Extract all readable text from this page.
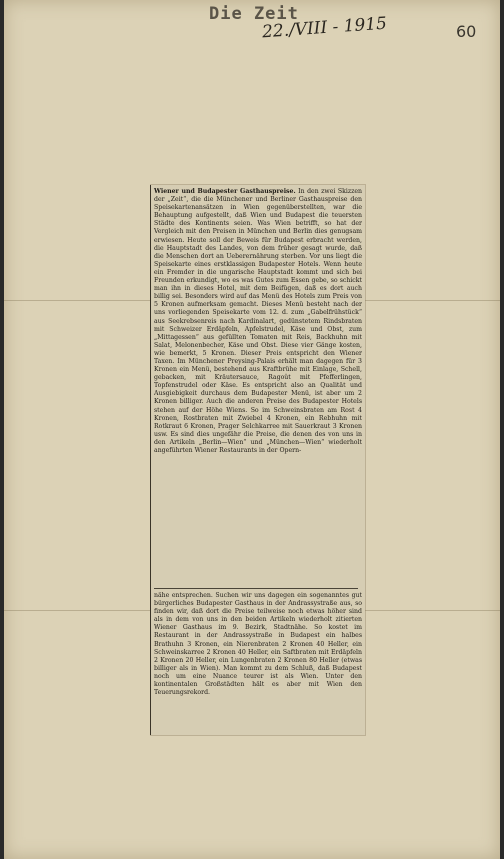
Die Zeit
22./VIII - 1915	60

Wiener und Budapester Gasthauspreise. In den zwei Skizzen der „Zeit“, die die Münchener und Berliner Gasthauspreise den Speisekartenansätzen in Wien gegenüberstellten, war die Behauptung aufgestellt, daß Wien und Budapest die teuersten Städte des Kontinents seien. Was Wien betrifft, so hat der Vergleich mit den Preisen in München und Berlin dies genugsam erwiesen. Heute soll der Beweis für Budapest erbracht werden, die Hauptstadt des Landes, von dem früher gesagt wurde, daß die Menschen dort an Ueberernährung sterben. Vor uns liegt die Speisekarte eines erstklassigen Budapester Hotels. Wenn heute ein Fremder in die ungarische Hauptstadt kommt und sich bei Freunden erkundigt, wo es was Gutes zum Essen gebe, so schickt man ihn in dieses Hotel, mit dem Beifügen, daß es dort auch billig sei. Besonders wird auf das Menü des Hotels zum Preis von 5 Kronen aufmerksam gemacht. Dieses Menü besteht nach der uns vorliegenden Speisekarte vom 12. d. zum „Gabelfrühstück“ aus Seekrebsenreis nach Kardinalart, gedünstetem Rindsbraten mit Schweizer Erdäpfeln, Apfelstrudel, Käse und Obst, zum „Mittagessen“ aus gefüllten Tomaten mit Reis, Backhuhn mit Salat, Melonenbecher, Käse und Obst. Diese vier Gänge kosten, wie bemerkt, 5 Kronen. Dieser Preis entspricht den Wiener Taxen. Im Münchener Preysing-Palais erhält man dagegen für 3 Kronen ein Menü, bestehend aus Kraftbrühe mit Einlage, Schell, gebacken, mit Kräutersauce, Ragoût mit Pfefferlingen, Topfenstrudel oder Käse. Es entspricht also an Qualität und Ausgiebigkeit durchaus dem Budapester Menü, ist aber um 2 Kronen billiger. Auch die anderen Preise des Budapester Hotels stehen auf der Höhe Wiens. So im Schweinsbraten am Rost 4 Kronen, Rostbraten mit Zwiebel 4 Kronen, ein Rebhuhn mit Rotkraut 6 Kronen, Prager Selchkarree mit Sauerkraut 3 Kronen usw. Es sind dies ungefähr die Preise, die denen des von uns in den Artikeln „Berlin—Wien“ und „München—Wien“ wiederholt angeführten Wiener Restaurants in der Opern-

nähe entsprechen. Suchen wir uns dagegen ein sogenanntes gut bürgerliches Budapester Gasthaus in der Andrassystraße aus, so finden wir, daß dort die Preise teilweise noch etwas höher sind als in dem von uns in den beiden Artikeln wiederholt zitierten Wiener Gasthaus im 9. Bezirk, Stadtnähe. So kostet im Restaurant in der Andrassystraße in Budapest ein halbes Brathuhn 3 Kronen, ein Nierenbraten 2 Kronen 40 Heller, ein Schweinskarree 2 Kronen 40 Heller, ein Saftbraten mit Erdäpfeln 2 Kronen 20 Heller, ein Lungenbraten 2 Kronen 80 Heller (etwas billiger als in Wien). Man kommt zu dem Schluß, daß Budapest noch um eine Nuance teurer ist als Wien. Unter den kontinentalen Großstädten hält es aber mit Wien den Teuerungsrekord.
